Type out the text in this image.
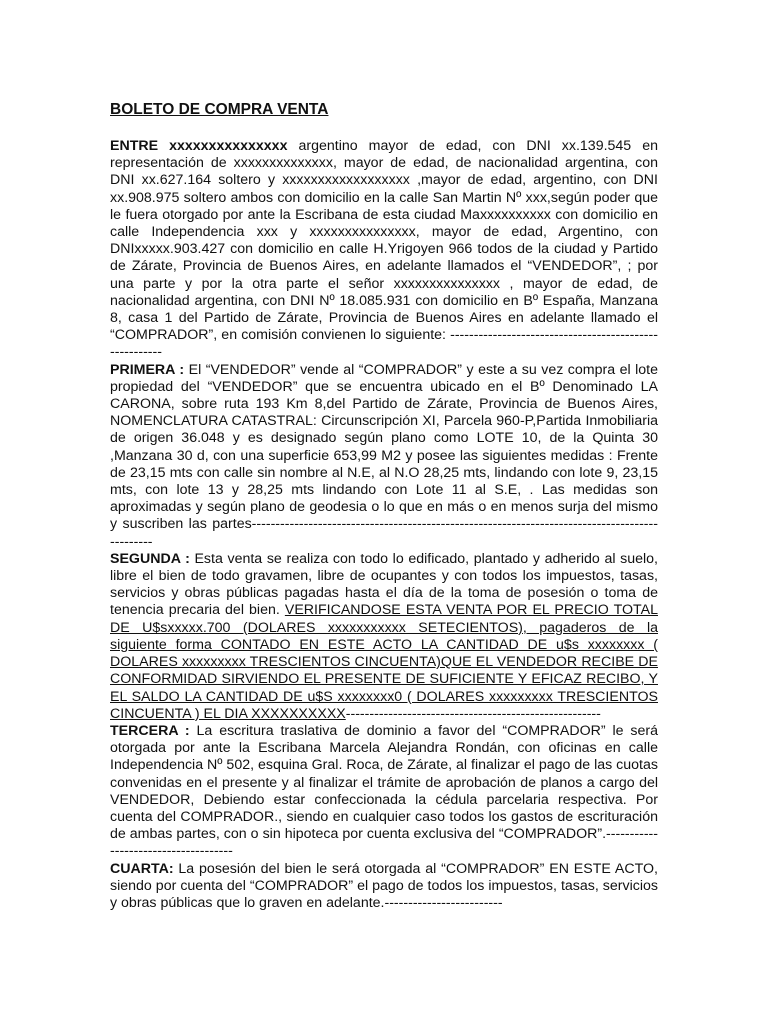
BOLETO DE COMPRA VENTA

ENTRE xxxxxxxxxxxxxxx argentino mayor de edad, con DNI xx.139.545 en representación de xxxxxxxxxxxxxx, mayor de edad, de nacionalidad argentina, con DNI xx.627.164 soltero y xxxxxxxxxxxxxxxxxx ,mayor de edad, argentino, con DNI xx.908.975 soltero ambos con domicilio en la calle San Martin Nº xxx,según poder que le fuera otorgado por ante la Escribana de esta ciudad Maxxxxxxxxxx con domicilio en calle Independencia xxx y xxxxxxxxxxxxxxx, mayor de edad, Argentino, con DNIxxxxx.903.427 con domicilio en calle H.Yrigoyen 966 todos de la ciudad y Partido de Zárate, Provincia de Buenos Aires, en adelante llamados el “VENDEDOR”, ; por una parte y por la otra parte el señor xxxxxxxxxxxxxxx , mayor de edad, de nacionalidad argentina, con DNI Nº 18.085.931 con domicilio en Bº España, Manzana 8, casa 1 del Partido de Zárate, Provincia de Buenos Aires en adelante llamado el “COMPRADOR”, en comisión convienen lo siguiente: -------------------------------------------------------

PRIMERA : El “VENDEDOR” vende al “COMPRADOR” y este a su vez compra el lote propiedad del “VENDEDOR” que se encuentra ubicado en el Bº Denominado LA CARONA, sobre ruta 193 Km 8,del Partido de Zárate, Provincia de Buenos Aires, NOMENCLATURA CATASTRAL: Circunscripción XI, Parcela 960-P,Partida Inmobiliaria de origen 36.048 y es designado según plano como LOTE 10, de la Quinta 30 ,Manzana 30 d, con una superficie 653,99 M2 y posee las siguientes medidas : Frente de 23,15 mts con calle sin nombre al N.E, al N.O 28,25 mts, lindando con lote 9, 23,15 mts, con lote 13 y 28,25 mts lindando con Lote 11 al S.E, . Las medidas son aproximadas y según plano de geodesia o lo que en más o en menos surja del mismo y suscriben las partes-----------------------------------------------------------------------------------------------

SEGUNDA : Esta venta se realiza con todo lo edificado, plantado y adherido al suelo, libre el bien de todo gravamen, libre de ocupantes y con todos los impuestos, tasas, servicios y obras públicas pagadas hasta el día de la toma de posesión o toma de tenencia precaria del bien. VERIFICANDOSE ESTA VENTA POR EL PRECIO TOTAL DE U$sxxxxx.700 (DOLARES xxxxxxxxxxx SETECIENTOS), pagaderos de la siguiente forma CONTADO EN ESTE ACTO LA CANTIDAD DE u$s xxxxxxxx ( DOLARES xxxxxxxxx TRESCIENTOS CINCUENTA)QUE EL VENDEDOR RECIBE DE CONFORMIDAD SIRVIENDO EL PRESENTE DE SUFICIENTE Y EFICAZ RECIBO, Y EL SALDO LA CANTIDAD DE u$S xxxxxxxx0 ( DOLARES xxxxxxxxx TRESCIENTOS CINCUENTA ) EL DIA XXXXXXXXXX------------------------------------------------------

TERCERA : La escritura traslativa de dominio a favor del “COMPRADOR” le será otorgada por ante la Escribana Marcela Alejandra Rondán, con oficinas en calle Independencia Nº 502, esquina Gral. Roca, de Zárate, al finalizar el pago de las cuotas convenidas en el presente y al finalizar el trámite de aprobación de planos a cargo del VENDEDOR, Debiendo estar confeccionada la cédula parcelaria respectiva. Por cuenta del COMPRADOR., siendo en cualquier caso todos los gastos de escrituración de ambas partes, con o sin hipoteca por cuenta exclusiva del “COMPRADOR”.-------------------------------------

CUARTA: La posesión del bien le será otorgada al “COMPRADOR” EN ESTE ACTO, siendo por cuenta del “COMPRADOR” el pago de todos los impuestos, tasas, servicios y obras públicas que lo graven en adelante.-------------------------
